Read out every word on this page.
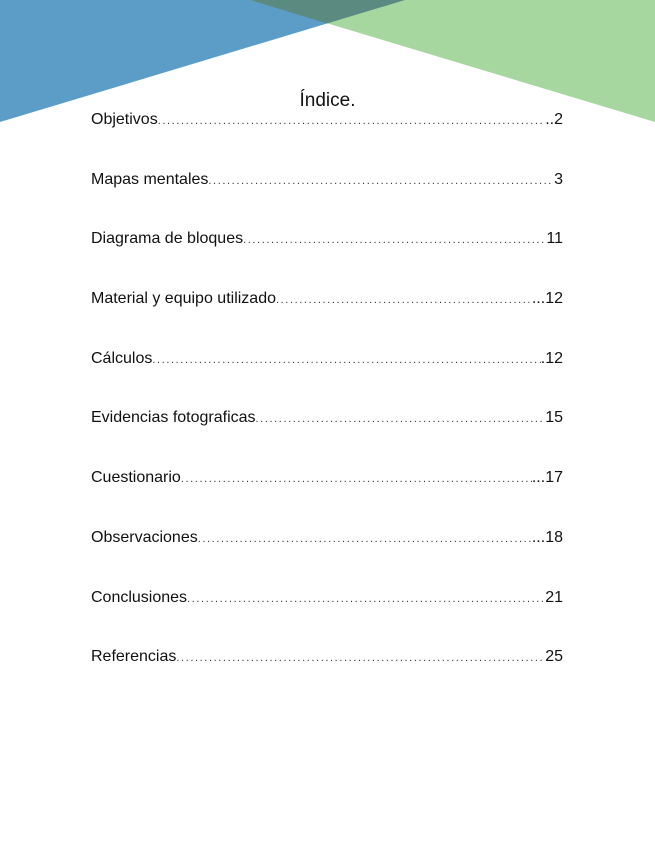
Índice.
Objetivos .....	..2
Mapas mentales .....	3
Diagrama de bloques .....	11
Material y equipo utilizado .....	...12
Cálculos .....	.12
Evidencias fotograficas .....	15
Cuestionario .....	...17
Observaciones .....	...18
Conclusiones .....	21
Referencias .....	25
